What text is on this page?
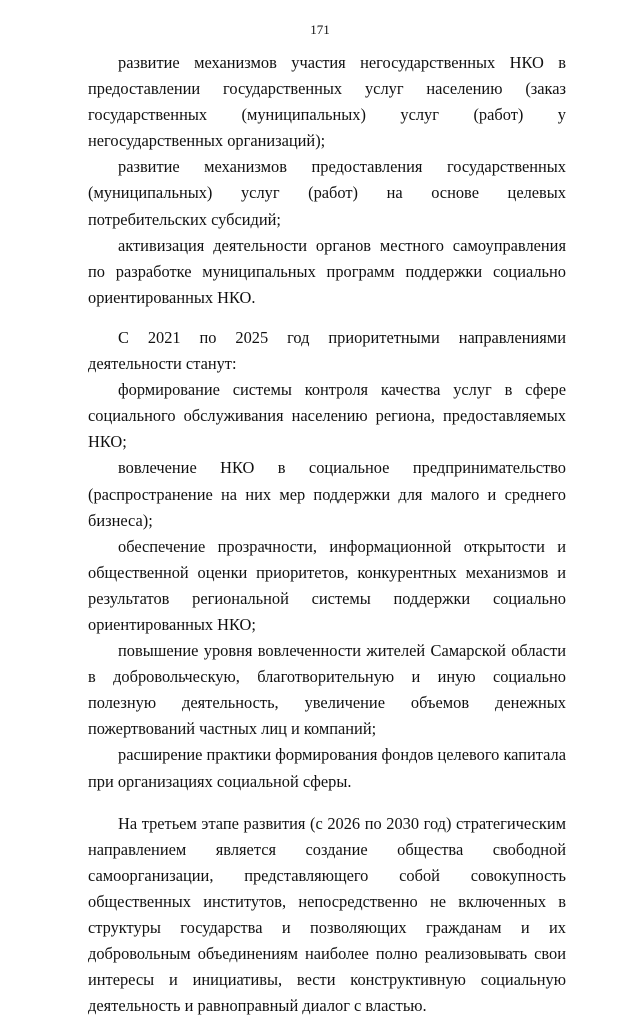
171

развитие механизмов участия негосударственных НКО в предоставлении государственных услуг населению (заказ государственных (муниципальных) услуг (работ) у негосударственных организаций);

развитие механизмов предоставления государственных (муниципальных) услуг (работ) на основе целевых потребительских субсидий;

активизация деятельности органов местного самоуправления по разработке муниципальных программ поддержки социально ориентированных НКО.

С 2021 по 2025 год приоритетными направлениями деятельности станут:

формирование системы контроля качества услуг в сфере социального обслуживания населению региона, предоставляемых НКО;

вовлечение НКО в социальное предпринимательство (распространение на них мер поддержки для малого и среднего бизнеса);

обеспечение прозрачности, информационной открытости и общественной оценки приоритетов, конкурентных механизмов и результатов региональной системы поддержки социально ориентированных НКО;

повышение уровня вовлеченности жителей Самарской области в добровольческую, благотворительную и иную социально полезную деятельность, увеличение объемов денежных пожертвований частных лиц и компаний;

расширение практики формирования фондов целевого капитала при организациях социальной сферы.

На третьем этапе развития (с 2026 по 2030 год) стратегическим направлением является создание общества свободной самоорганизации, представляющего собой совокупность общественных институтов, непосредственно не включенных в структуры государства и позволяющих гражданам и их добровольным объединениям наиболее полно реализовывать свои интересы и инициативы, вести конструктивную социальную деятельность и равноправный диалог с властью.
